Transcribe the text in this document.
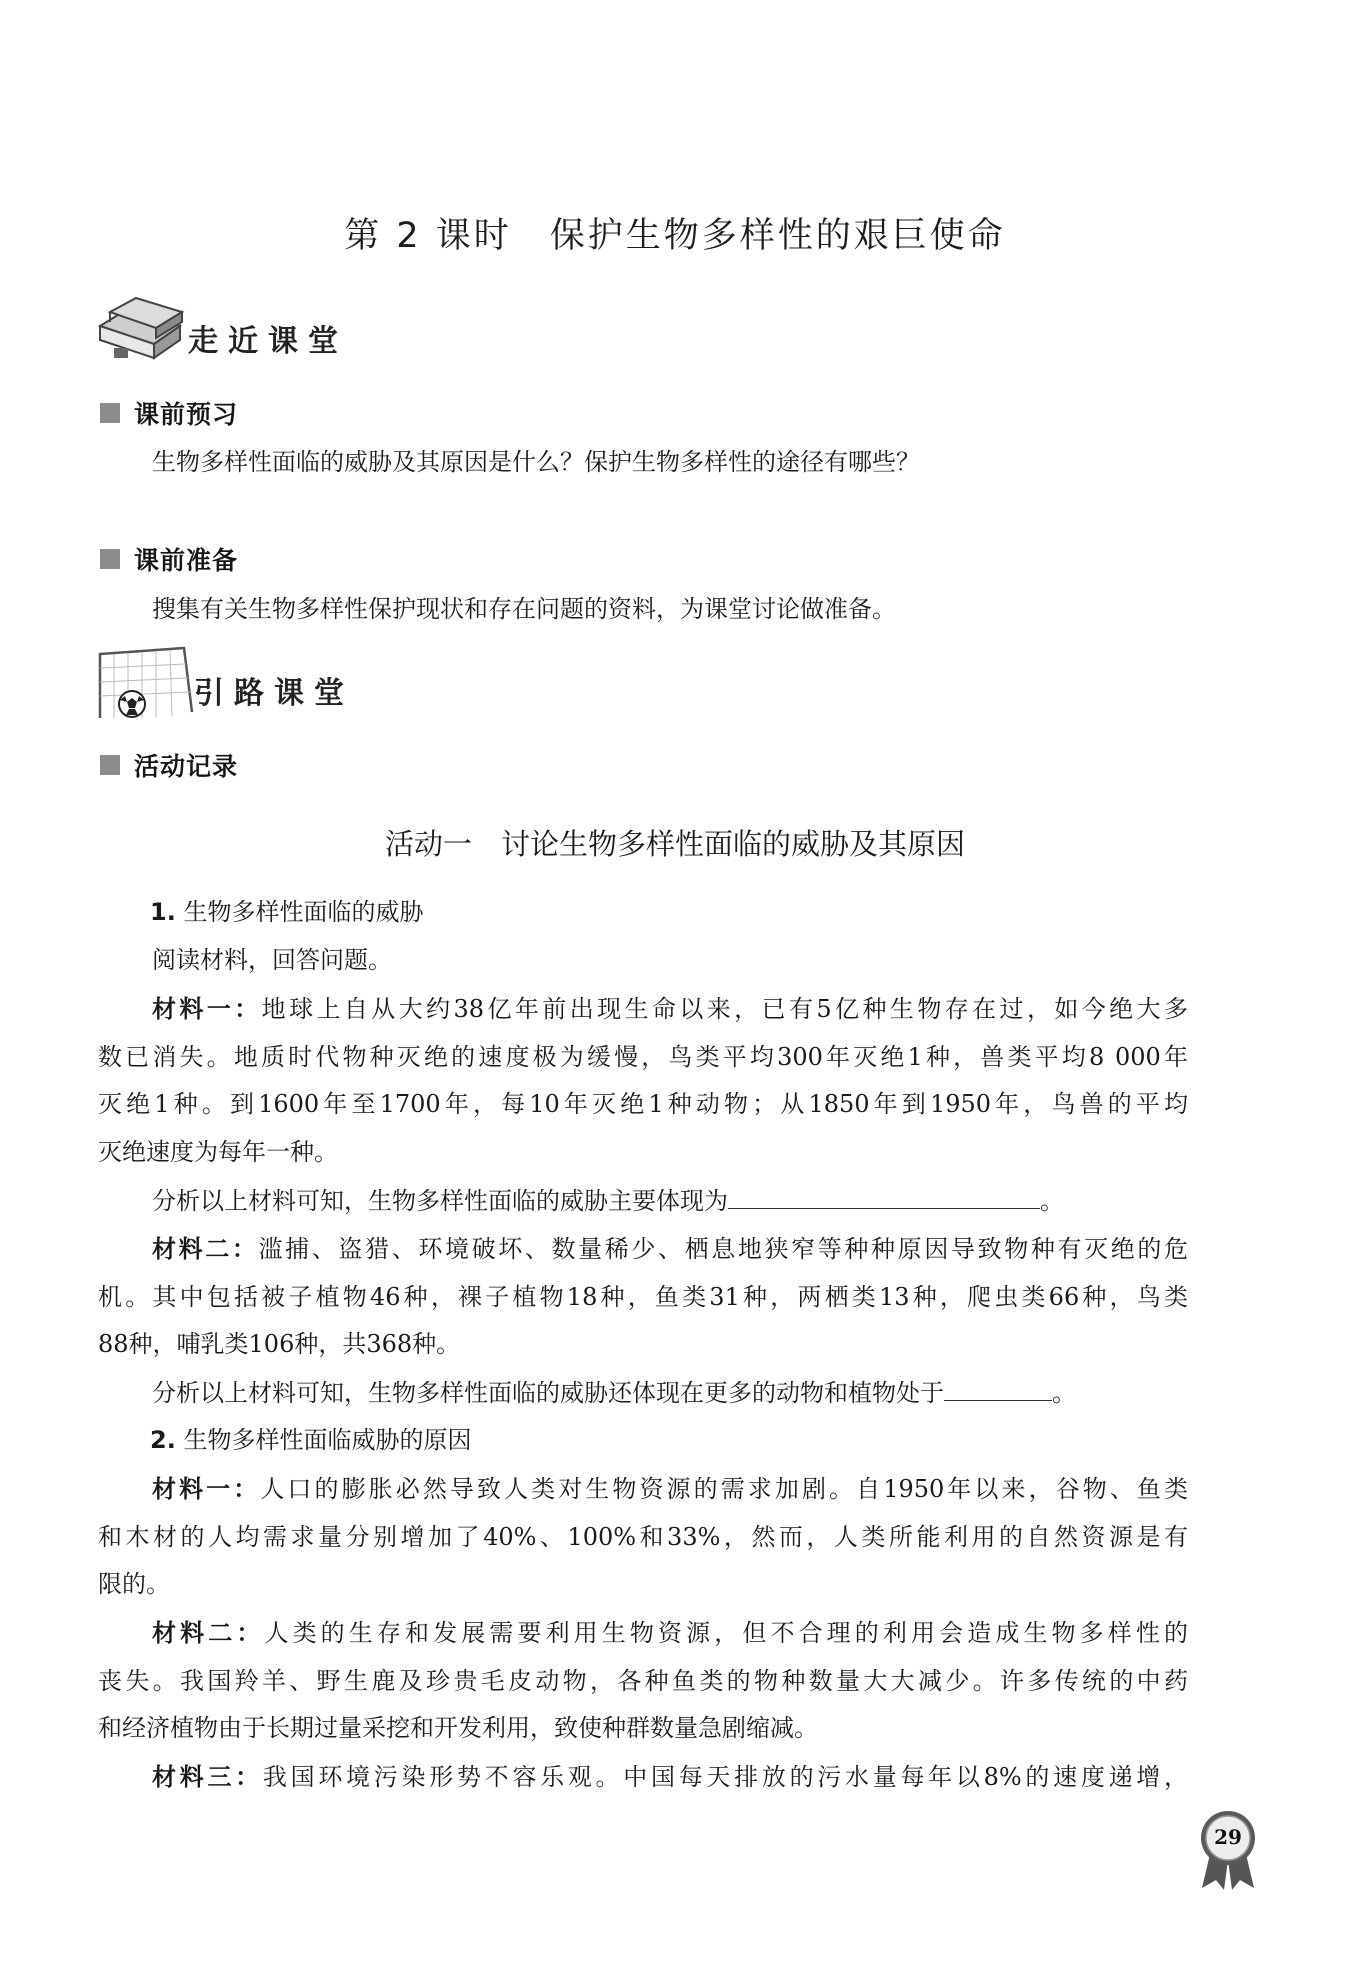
第 2 课时　保护生物多样性的艰巨使命
走近课堂
课前预习
生物多样性面临的威胁及其原因是什么？保护生物多样性的途径有哪些？
课前准备
搜集有关生物多样性保护现状和存在问题的资料，为课堂讨论做准备。
引路课堂
活动记录
活动一　讨论生物多样性面临的威胁及其原因
1. 生物多样性面临的威胁
阅读材料，回答问题。
材料一：地球上自从大约38亿年前出现生命以来，已有5亿种生物存在过，如今绝大多
数已消失。地质时代物种灭绝的速度极为缓慢，鸟类平均300年灭绝1种，兽类平均8 000年
灭绝1种。到1600年至1700年，每10年灭绝1种动物；从1850年到1950年，鸟兽的平均
灭绝速度为每年一种。
分析以上材料可知，生物多样性面临的威胁主要体现为	。
材料二：滥捕、盗猎、环境破坏、数量稀少、栖息地狭窄等种种原因导致物种有灭绝的危
机。其中包括被子植物46种，裸子植物18种，鱼类31种，两栖类13种，爬虫类66种，鸟类
88种，哺乳类106种，共368种。
分析以上材料可知，生物多样性面临的威胁还体现在更多的动物和植物处于	。
2. 生物多样性面临威胁的原因
材料一：人口的膨胀必然导致人类对生物资源的需求加剧。自1950年以来，谷物、鱼类
和木材的人均需求量分别增加了40%、100%和33%，然而，人类所能利用的自然资源是有
限的。
材料二：人类的生存和发展需要利用生物资源，但不合理的利用会造成生物多样性的
丧失。我国羚羊、野生鹿及珍贵毛皮动物，各种鱼类的物种数量大大减少。许多传统的中药
和经济植物由于长期过量采挖和开发利用，致使种群数量急剧缩减。
材料三：我国环境污染形势不容乐观。中国每天排放的污水量每年以8%的速度递增，
29
